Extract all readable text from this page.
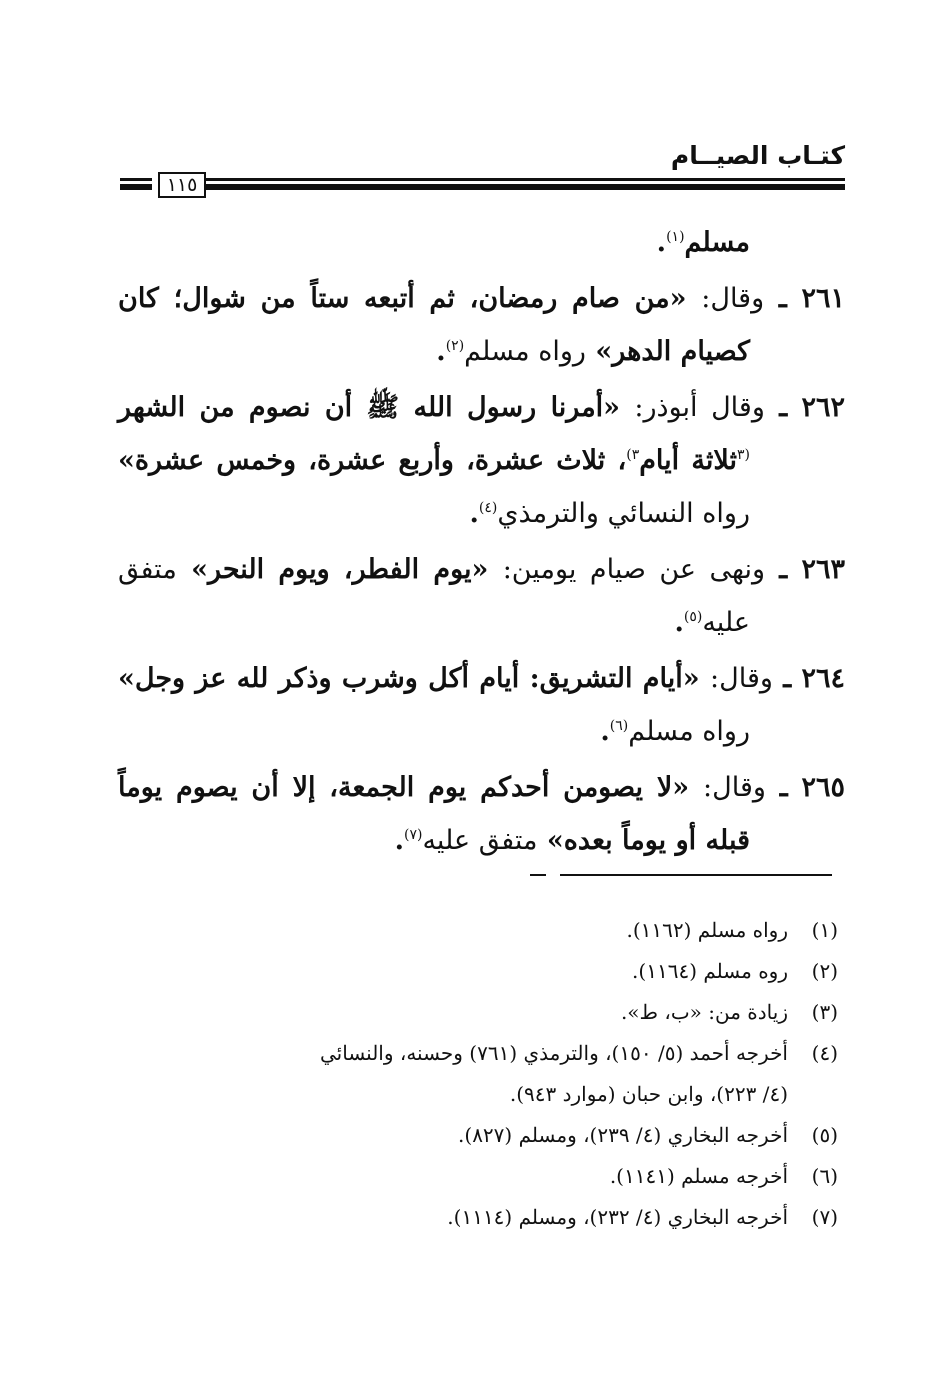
كتـاب الصيــام
١١٥

مسلم$^{(١)}$.

٢٦١ ـ وقال: «من صام رمضان، ثم أتبعه ستاً من شوال؛ كان كصيام الدهر» رواه مسلم$^{(٢)}$.

٢٦٢ ـ وقال أبوذر: «أمرنا رسول الله ﷺ أن نصوم من الشهر $^{(٣}$ثلاثة أيام$^{٣)}$، ثلاث عشرة، وأربع عشرة، وخمس عشرة» رواه النسائي والترمذي$^{(٤)}$.

٢٦٣ ـ ونهى عن صيام يومين: «يوم الفطر، ويوم النحر» متفق عليه$^{(٥)}$.

٢٦٤ ـ وقال: «أيام التشريق: أيام أكل وشرب وذكر لله عز وجل» رواه مسلم$^{(٦)}$.

٢٦٥ ـ وقال: «لا يصومن أحدكم يوم الجمعة، إلا أن يصوم يوماً قبله أو يوماً بعده» متفق عليه$^{(٧)}$.

(١)رواه مسلم (١١٦٢).

(٢)روه مسلم (١١٦٤).

(٣)زيادة من: «ب، ط».

(٤)أخرجه أحمد (٥/ ١٥٠)، والترمذي (٧٦١) وحسنه، والنسائي

(٤/ ٢٢٣)، وابن حبان (موارد ٩٤٣).

(٥)أخرجه البخاري (٤/ ٢٣٩)، ومسلم (٨٢٧).

(٦)أخرجه مسلم (١١٤١).

(٧)أخرجه البخاري (٤/ ٢٣٢)، ومسلم (١١١٤).
